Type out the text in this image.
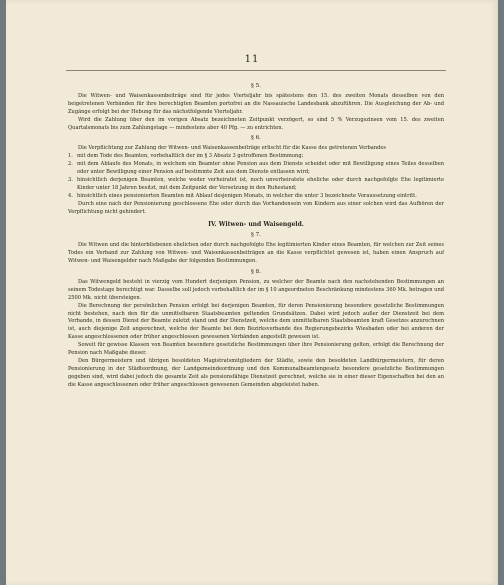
11
§ 5.

Die Witwen- und Waisenkassenbeiträge sind für jedes Vierteljahr bis spätestens den 15. des zweiten Monats desselben von den beigetretenen Verbänden für ihre berechtigten Beamten portofrei an die Nassauische Landesbank abzuführen. Die Ausgleichung der Ab- und Zugänge erfolgt bei der Hebung für das nächstfolgende Vierteljahr.

Wird die Zahlung über den im vorigen Absatz bezeichneten Zeitpunkt verzögert, so sind 5 % Verzugszinsen vom 15. des zweiten Quartalsmonats bis zum Zahlungstage — mindestens aber 40 Pfg. — zu entrichten.

§ 6.

Die Verpflichtung zur Zahlung der Witwen- und Waisenkassenbeiträge erlischt für die Kasse des getretenen Verbandes

1. mit dem Tode des Beamten, vorbehaltlich der im § 3 Absatz 3 getroffenen Bestimmung;
2. mit dem Ablaufe des Monats, in welchem ein Beamter ohne Pension aus dem Dienste scheidet oder mit Bewilligung eines Teiles desselben oder unter Bewilligung einer Pension auf bestimmte Zeit aus dem Dienste entlassen wird;
3. hinsichtlich derjenigen Beamten, welche weder verheiratet ist, noch unverheiratete eheliche oder durch nachgefolgte Ehe legitimierte Kinder unter 18 Jahren besitzt, mit dem Zeitpunkt der Versetzung in den Ruhestand;
4. hinsichtlich eines pensionierten Beamten mit Ablauf desjenigen Monats, in welcher die unter 3 bezeichnete Voraussetzung eintritt.

Durch eine nach der Pensionierung geschlossene Ehe oder durch das Vorhandensein von Kindern aus einer solchen wird das Aufhören der Verpflichtung nicht gehindert.

IV. Witwen- und Waisengeld.
§ 7.

Die Witwen und die hinterbliebenen ehelichen oder durch nachgefolgte Ehe legitimierten Kinder eines Beamten, für welchen zur Zeit seines Todes ein Verband zur Zahlung von Witwen- und Waisenkassenbeiträgen an die Kasse verpflichtet gewesen ist, haben einen Anspruch auf Witwen- und Waisengelder nach Maßgabe der folgenden Bestimmungen.

§ 8.

Das Witwengeld besteht in vierzig vom Hundert derjenigen Pension, zu welcher der Beamte nach den nachstehenden Bestimmungen an seinem Todestage berechtigt war. Dasselbe soll jedoch vorbehaltlich der im § 10 angeordneten Beschränkung mindestens 360 Mk. betragen und 2500 Mk. nicht übersteigen.

Die Berechnung der persönlichen Pension erfolgt bei derjenigen Beamten, für deren Pensionierung besondere gesetzliche Bestimmungen nicht bestehen, nach den für die unmittelbaren Staatsbeamten geltenden Grundsätzen. Dabei wird jedoch außer der Dienstzeit bei dem Verbande, in dessen Dienst der Beamte zuletzt stand und der Dienstzeit, welche dem unmittelbaren Staatsbeamten kraft Gesetzes anzurechnen ist, auch diejenige Zeit angerechnet, welche der Beamte bei dem Bezirksverbande des Regierungsbezirks Wiesbaden oder bei anderen der Kasse angeschlossenen oder früher angeschlossen gewesenen Verbänden angestellt gewesen ist.

Soweit für gewisse Klassen von Beamten besondere gesetzliche Bestimmungen über ihre Pensionierung gelten, erfolgt die Berechnung der Pension nach Maßgabe dieser.

Den Bürgermeistern und übrigen besoldeten Magistratsmitgliedern der Städte, sowie den besoldeten Landbürgermeistern, für deren Pensionierung in der Städteordnung, der Landgemeindeordnung und den Kommunalbeamtengesetz besondere gesetzliche Bestimmungen gegeben sind, wird dabei jedoch die gesamte Zeit als pensionsfähige Dienstzeit gerechnet, welche sie in einer dieser Eigenschaften bei den an die Kasse angeschlossenen oder früher angeschlossen gewesenen Gemeinden abgeleistet haben.
